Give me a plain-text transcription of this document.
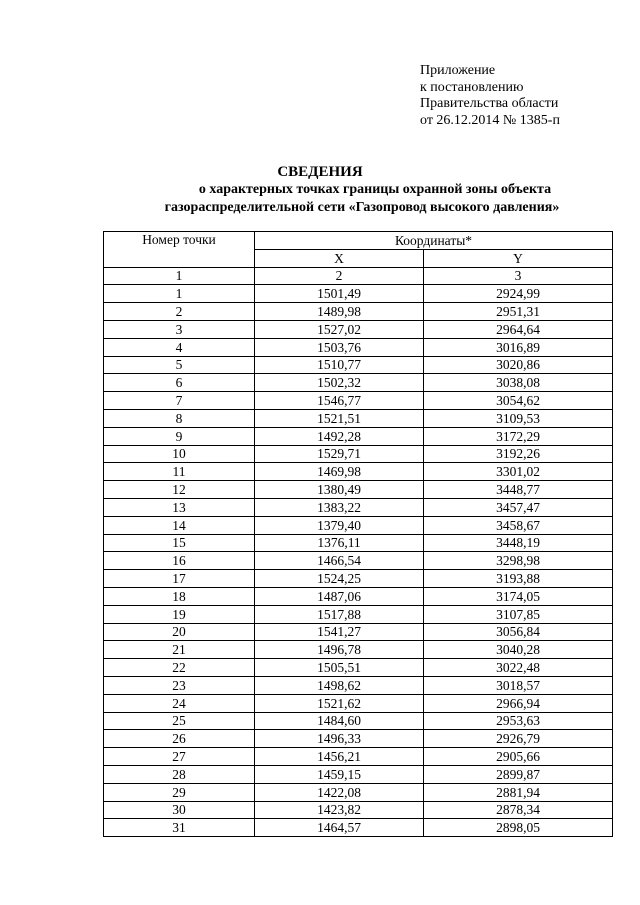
Приложение
к постановлению
Правительства области
от 26.12.2014 № 1385-п
СВЕДЕНИЯ
о характерных точках границы охранной зоны объекта
газораспределительной сети «Газопровод высокого давления»
Номер точки	Координаты*	
	X	Y
1	2	3
1	1501,49	2924,99
2	1489,98	2951,31
3	1527,02	2964,64
4	1503,76	3016,89
5	1510,77	3020,86
6	1502,32	3038,08
7	1546,77	3054,62
8	1521,51	3109,53
9	1492,28	3172,29
10	1529,71	3192,26
11	1469,98	3301,02
12	1380,49	3448,77
13	1383,22	3457,47
14	1379,40	3458,67
15	1376,11	3448,19
16	1466,54	3298,98
17	1524,25	3193,88
18	1487,06	3174,05
19	1517,88	3107,85
20	1541,27	3056,84
21	1496,78	3040,28
22	1505,51	3022,48
23	1498,62	3018,57
24	1521,62	2966,94
25	1484,60	2953,63
26	1496,33	2926,79
27	1456,21	2905,66
28	1459,15	2899,87
29	1422,08	2881,94
30	1423,82	2878,34
31	1464,57	2898,05
